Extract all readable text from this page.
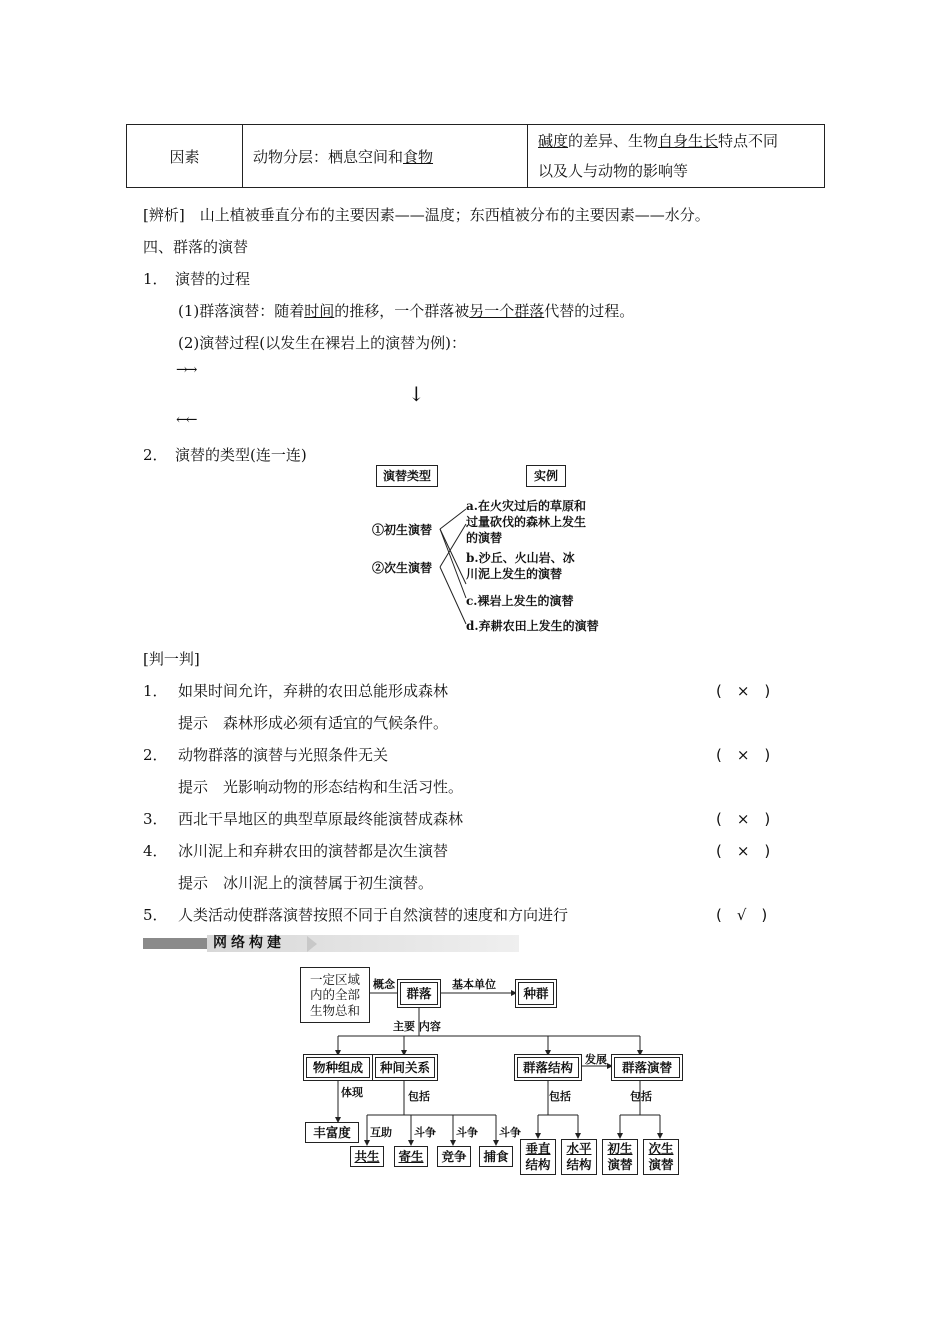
因素	动物分层：栖息空间和食物	碱度的差异、生物自身生长特点不同
以及人与动物的影响等
[辨析]　山上植被垂直分布的主要因素——温度；东西植被分布的主要因素——水分。
四、群落的演替
1．　演替的过程
(1)群落演替：随着时间的推移，一个群落被另一个群落代替的过程。
(2)演替过程(以发生在裸岩上的演替为例)：
→→
↓
←←
2．　演替的类型(连一连)
演替类型	实例
①初生演替
②次生演替
a.在火灾过后的草原和
过量砍伐的森林上发生
的演替
b.沙丘、火山岩、冰
川泥上发生的演替
c.裸岩上发生的演替
d.弃耕农田上发生的演替
[判一判]
1． 如果时间允许，弃耕的农田总能形成森林	(　×　)
提示　森林形成必须有适宜的气候条件。
2． 动物群落的演替与光照条件无关	(　×　)
提示　光影响动物的形态结构和生活习性。
3． 西北干旱地区的典型草原最终能演替成森林	(　×　)
4． 冰川泥上和弃耕农田的演替都是次生演替	(　×　)
提示　冰川泥上的演替属于初生演替。
5． 人类活动使群落演替按照不同于自然演替的速度和方向进行	(　√　)
网络构建
一定区域
内的全部
生物总和
概念
群落
基本单位
种群
主要 内容
物种组成	种间关系	群落结构
发展
群落演替
体现	包括	包括	包括
丰富度	互助 斗争 斗争 斗争
共生 寄生	竞争	捕食	垂直
结构
水平
结构
初生
演替
次生
演替
